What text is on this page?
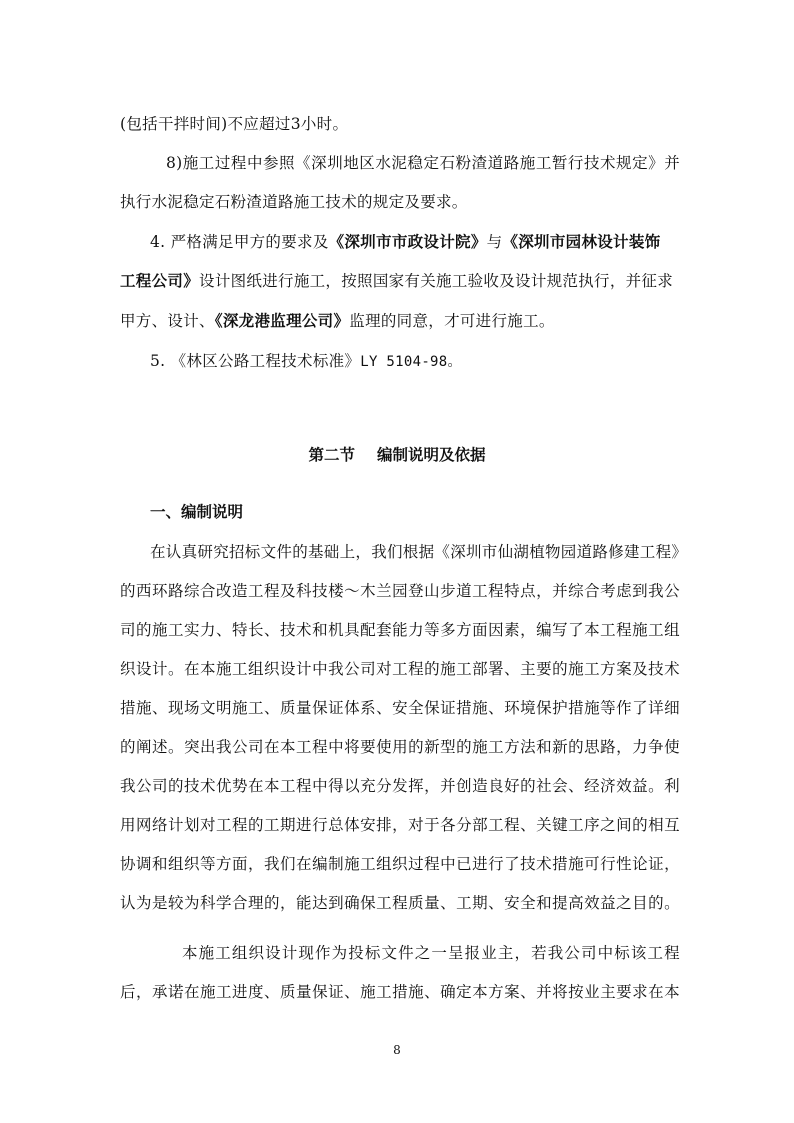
(包括干拌时间)不应超过3小时。
8)施工过程中参照《深圳地区水泥稳定石粉渣道路施工暂行技术规定》并
执行水泥稳定石粉渣道路施工技术的规定及要求。
4. 严格满足甲方的要求及《深圳市市政设计院》与《深圳市园林设计装饰
工程公司》设计图纸进行施工，按照国家有关施工验收及设计规范执行，并征求
甲方、设计、《深龙港监理公司》监理的同意，才可进行施工。
5. 《林区公路工程技术标准》LY 5104-98。
第二节 编制说明及依据
一、编制说明
在认真研究招标文件的基础上，我们根据《深圳市仙湖植物园道路修建工程》
的西环路综合改造工程及科技楼～木兰园登山步道工程特点，并综合考虑到我公
司的施工实力、特长、技术和机具配套能力等多方面因素，编写了本工程施工组
织设计。在本施工组织设计中我公司对工程的施工部署、主要的施工方案及技术
措施、现场文明施工、质量保证体系、安全保证措施、环境保护措施等作了详细
的阐述。突出我公司在本工程中将要使用的新型的施工方法和新的思路，力争使
我公司的技术优势在本工程中得以充分发挥，并创造良好的社会、经济效益。利
用网络计划对工程的工期进行总体安排，对于各分部工程、关键工序之间的相互
协调和组织等方面，我们在编制施工组织过程中已进行了技术措施可行性论证，
认为是较为科学合理的，能达到确保工程质量、工期、安全和提高效益之目的。
本施工组织设计现作为投标文件之一呈报业主，若我公司中标该工程
后，承诺在施工进度、质量保证、施工措施、确定本方案、并将按业主要求在本
8
